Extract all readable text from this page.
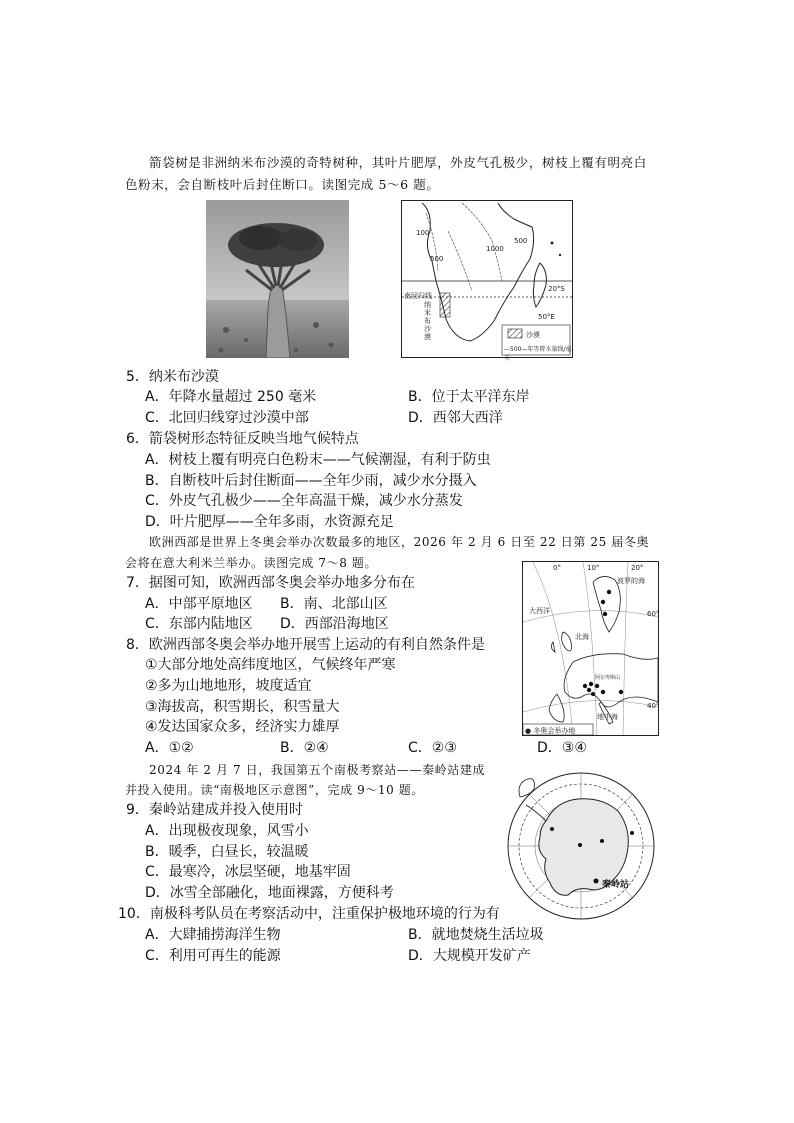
箭袋树是非洲纳米布沙漠的奇特树种，其叶片肥厚，外皮气孔极少，树枝上覆有明亮白
色粉末，会自断枝叶后封住断口。读图完成 5～6 题。
南回归线
纳米布沙漠
20°S
50°E
100
500
1000
500
沙漠
—500—年等降水量线/毫米
5．纳米布沙漠
A．年降水量超过 250 毫米	B．位于太平洋东岸
C．北回归线穿过沙漠中部	D．西邻大西洋
6．箭袋树形态特征反映当地气候特点
A．树枝上覆有明亮白色粉末——气候潮湿，有利于防虫
B．自断枝叶后封住断面——全年少雨，减少水分摄入
C．外皮气孔极少——全年高温干燥，减少水分蒸发
D．叶片肥厚——全年多雨，水资源充足
欧洲西部是世界上冬奥会举办次数最多的地区，2026 年 2 月 6 日至 22 日第 25 届冬奥
会将在意大利米兰举办。读图完成 7～8 题。	0°	10°	20°
60°
40°
大西洋
北海
波罗的海
阿尔卑斯山
地中海
● 冬奥会举办地
7．据图可知，欧洲西部冬奥会举办地多分布在
A．中部平原地区 B．南、北部山区
C．东部内陆地区 D．西部沿海地区
8．欧洲西部冬奥会举办地开展雪上运动的有利自然条件是
①大部分地处高纬度地区，气候终年严寒
②多为山地地形，坡度适宜
③海拔高，积雪期长，积雪量大
④发达国家众多，经济实力雄厚
A．①②	B．②④	C．②③	D．③④
2024 年 2 月 7 日，我国第五个南极考察站——秦岭站建成
并投入使用。读“南极地区示意图”，完成 9～10 题。
秦岭站
9．秦岭站建成并投入使用时
A．出现极夜现象，风雪小
B．暖季，白昼长，较温暖
C．最寒冷，冰层坚硬，地基牢固
D．冰雪全部融化，地面裸露，方便科考
10．南极科考队员在考察活动中，注重保护极地环境的行为有
A．大肆捕捞海洋生物	B．就地焚烧生活垃圾
C．利用可再生的能源	D．大规模开发矿产
